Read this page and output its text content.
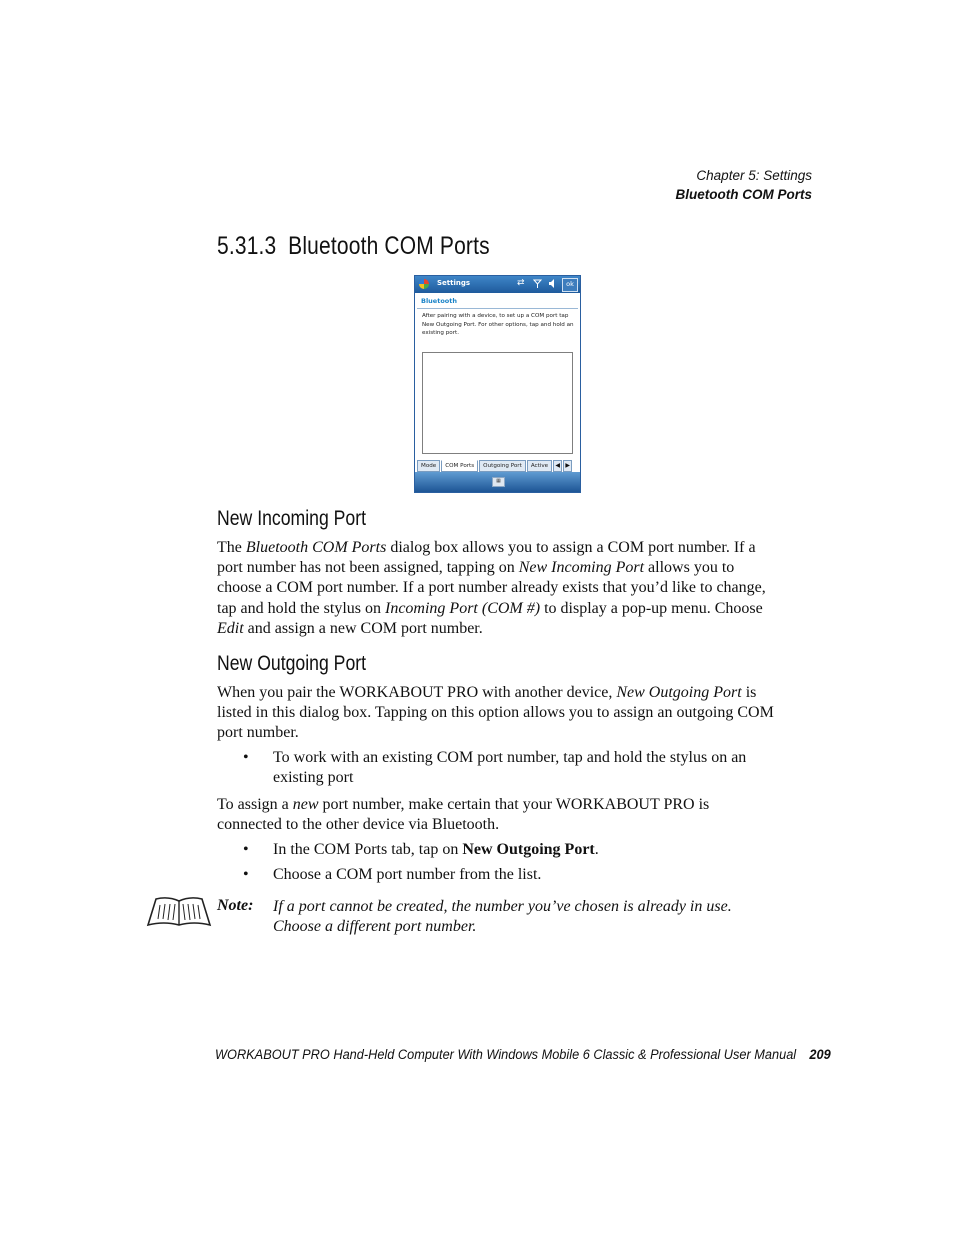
Chapter 5: Settings
Bluetooth COM Ports
5.31.3 Bluetooth COM Ports
Settings	⇄	ok
Bluetooth
After pairing with a device, to set up a COM port tap New Outgoing Port. For other options, tap and hold an existing port.
Mode	COM Ports	Outgoing Port	Active	◀ ▶
▦
New Incoming Port
The Bluetooth COM Ports dialog box allows you to assign a COM port number. If a port number has not been assigned, tapping on New Incoming Port allows you to choose a COM port number. If a port number already exists that you’d like to change, tap and hold the stylus on Incoming Port (COM #) to display a pop-up menu. Choose Edit and assign a new COM port number.
New Outgoing Port
When you pair the WORKABOUT PRO with another device, New Outgoing Port is listed in this dialog box. Tapping on this option allows you to assign an outgoing COM port number.
• To work with an existing COM port number, tap and hold the stylus on an existing port
To assign a new port number, make certain that your WORKABOUT PRO is connected to the other device via Bluetooth.
• In the COM Ports tab, tap on New Outgoing Port.
• Choose a COM port number from the list.
Note: If a port cannot be created, the number you’ve chosen is already in use. Choose a different port number.
WORKABOUT PRO Hand-Held Computer With Windows Mobile 6 Classic & Professional User Manual 209
